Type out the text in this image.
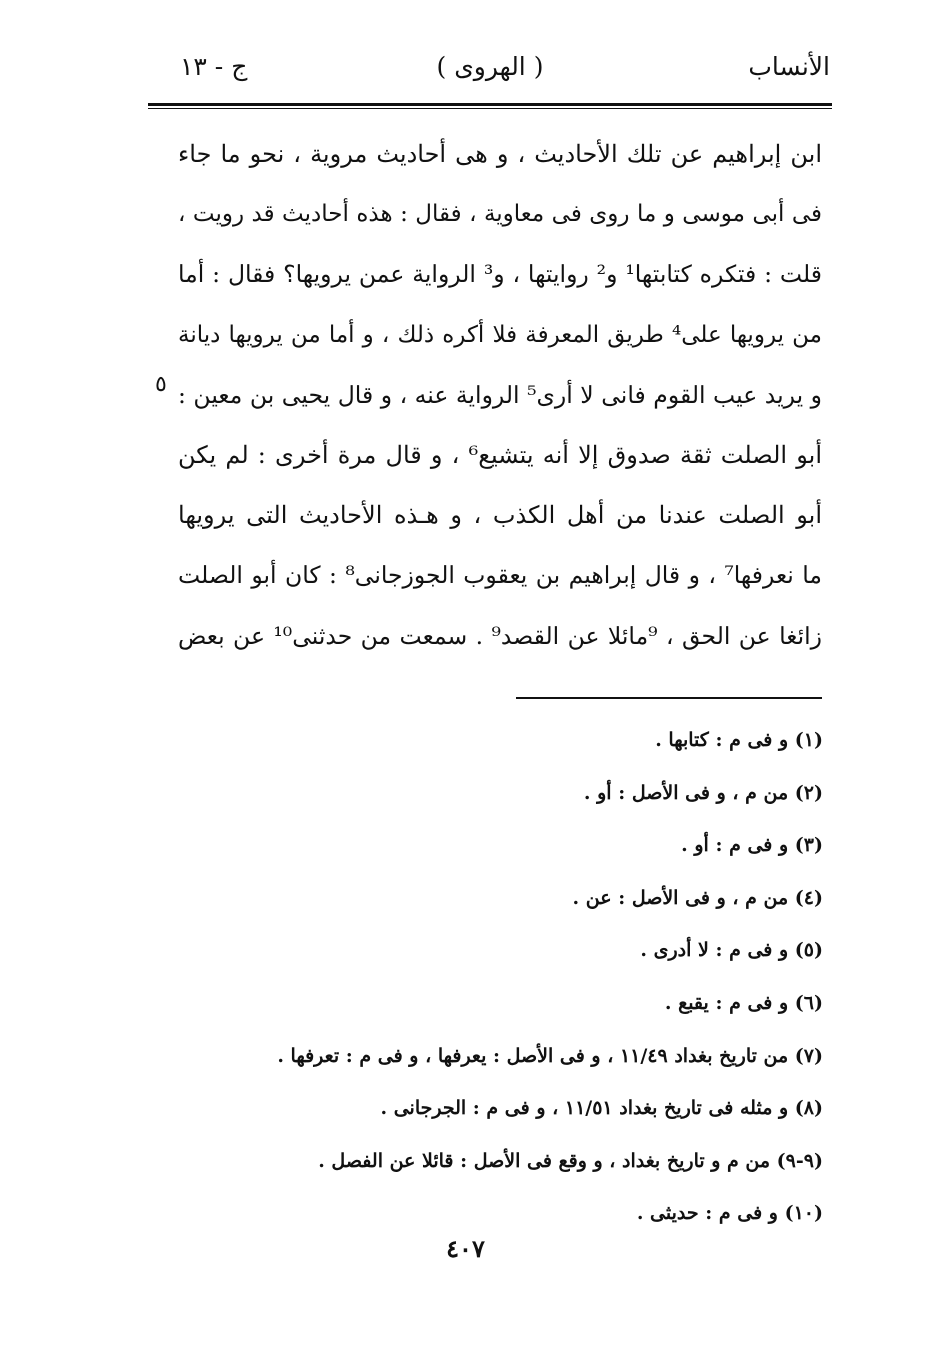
الأنساب
( الهروى )
ج - ١٣
ابن إبراهيم عن تلك الأحاديث ، و هى أحاديث مروية ، نحو ما جاء
فى أبى موسى و ما روى فى معاوية ، فقال : هذه أحاديث قد رويت ،
قلت : فتكره كتابتها¹ و² روايتها ، و³ الرواية عمن يرويها؟ فقال : أما
من يرويها على⁴ طريق المعرفة فلا أكره ذلك ، و أما من يرويها ديانة
و يريد عيب القوم فانى لا أرى⁵ الرواية عنه ، و قال يحيى بن معين :
أبو الصلت ثقة صدوق إلا أنه يتشيع⁶ ، و قال مرة أخرى : لم يكن
أبو الصلت عندنا من أهل الكذب ، و هـذه الأحاديث التى يرويها
ما نعرفها⁷ ، و قال إبراهيم بن يعقوب الجوزجانى⁸ : كان أبو الصلت
زائغا عن الحق ، ⁹مائلا عن القصد⁹ . سمعت من حدثنى¹⁰ عن بعض
٥
(١) و فى م : كتابها .
(٢) من م ، و فى الأصل : أو .
(٣) و فى م : أو .
(٤) من م ، و فى الأصل : عن .
(٥) و فى م : لا أدرى .
(٦) و فى م : يقبع .
(٧) من تاريخ بغداد ١١/٤٩ ، و فى الأصل : يعرفها ، و فى م : تعرفها .
(٨) و مثله فى تاريخ بغداد ١١/٥١ ، و فى م : الجرجانى .
(٩-٩) من م و تاريخ بغداد ، و وقع فى الأصل : قائلا عن الفصل .
(١٠) و فى م : حديثى .
٤٠٧
